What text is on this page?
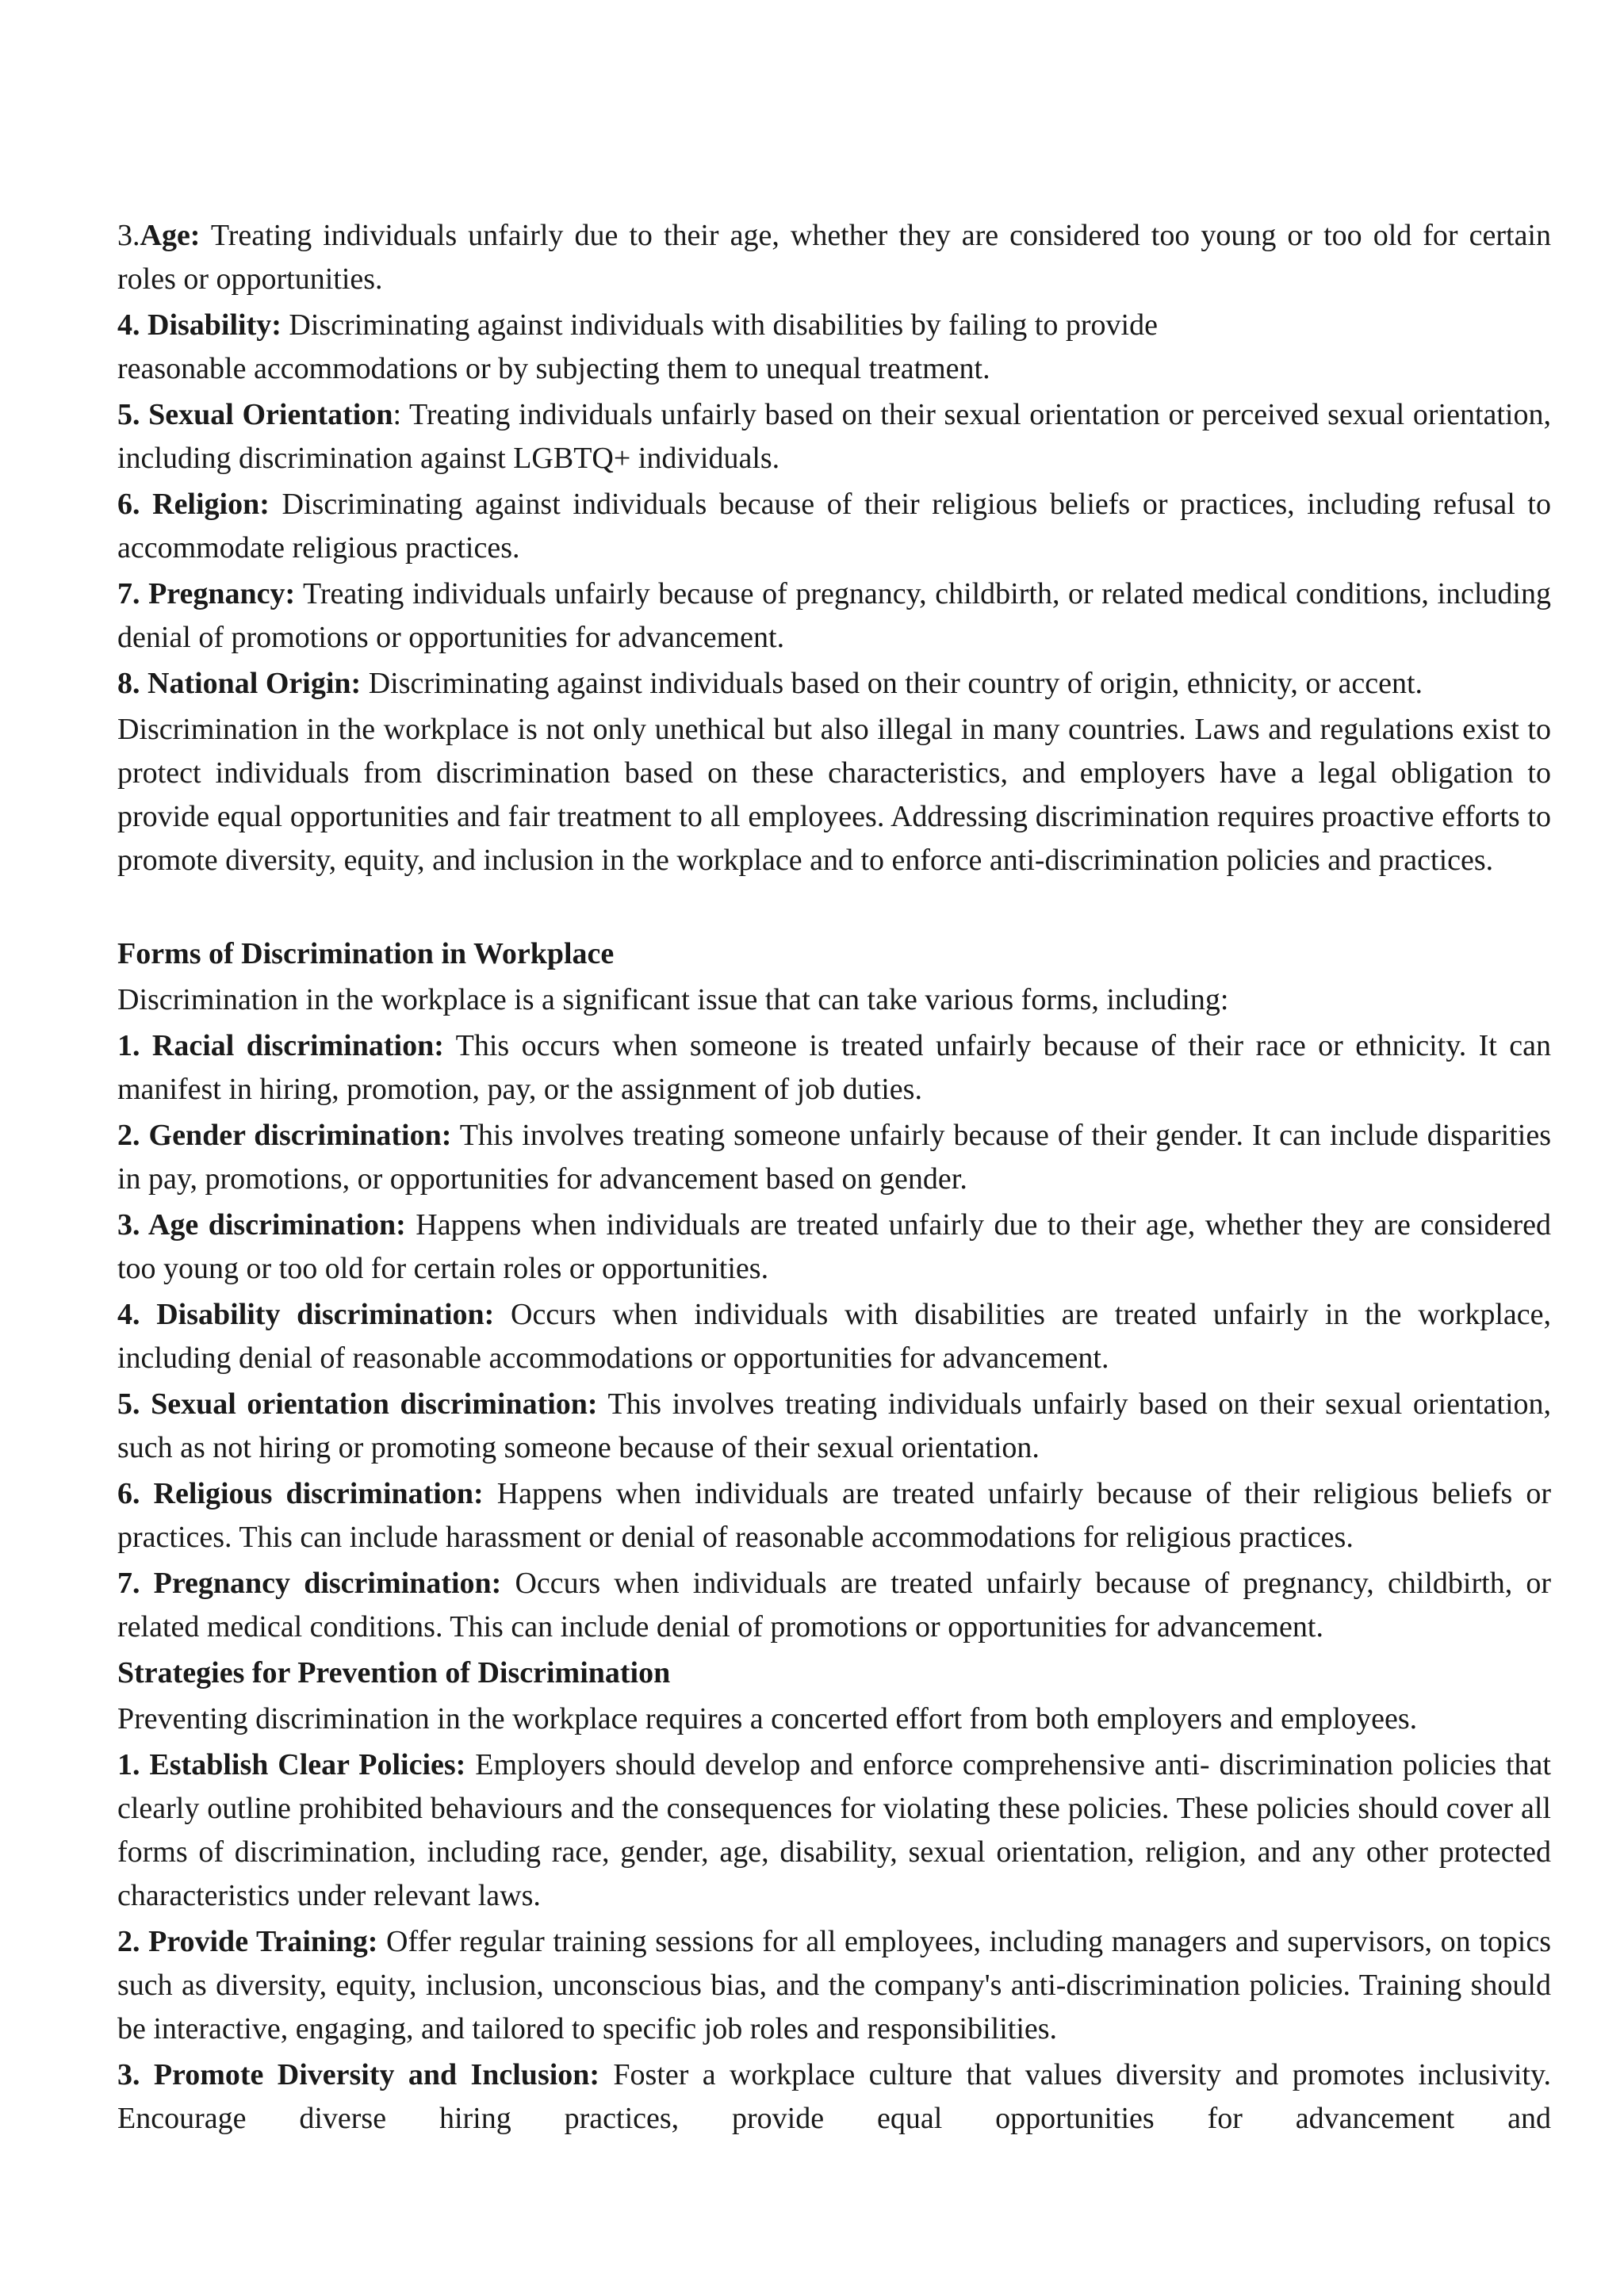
3.Age: Treating individuals unfairly due to their age, whether they are considered too young or too old for certain roles or opportunities.

4. Disability: Discriminating against individuals with disabilities by failing to provide
reasonable accommodations or by subjecting them to unequal treatment.

5. Sexual Orientation: Treating individuals unfairly based on their sexual orientation or perceived sexual orientation, including discrimination against LGBTQ+ individuals.

6. Religion: Discriminating against individuals because of their religious beliefs or practices, including refusal to accommodate religious practices.

7. Pregnancy: Treating individuals unfairly because of pregnancy, childbirth, or related medical conditions, including denial of promotions or opportunities for advancement.

8. National Origin: Discriminating against individuals based on their country of origin, ethnicity, or accent.

Discrimination in the workplace is not only unethical but also illegal in many countries. Laws and regulations exist to protect individuals from discrimination based on these characteristics, and employers have a legal obligation to provide equal opportunities and fair treatment to all employees. Addressing discrimination requires proactive efforts to promote diversity, equity, and inclusion in the workplace and to enforce anti-discrimination policies and practices.

Forms of Discrimination in Workplace

Discrimination in the workplace is a significant issue that can take various forms, including:

1. Racial discrimination: This occurs when someone is treated unfairly because of their race or ethnicity. It can manifest in hiring, promotion, pay, or the assignment of job duties.

2. Gender discrimination: This involves treating someone unfairly because of their gender. It can include disparities in pay, promotions, or opportunities for advancement based on gender.

3. Age discrimination: Happens when individuals are treated unfairly due to their age, whether they are considered too young or too old for certain roles or opportunities.

4. Disability discrimination: Occurs when individuals with disabilities are treated unfairly in the workplace, including denial of reasonable accommodations or opportunities for advancement.

5. Sexual orientation discrimination: This involves treating individuals unfairly based on their sexual orientation, such as not hiring or promoting someone because of their sexual orientation.

6. Religious discrimination: Happens when individuals are treated unfairly because of their religious beliefs or practices. This can include harassment or denial of reasonable accommodations for religious practices.

7. Pregnancy discrimination: Occurs when individuals are treated unfairly because of pregnancy, childbirth, or related medical conditions. This can include denial of promotions or opportunities for advancement.

Strategies for Prevention of Discrimination

Preventing discrimination in the workplace requires a concerted effort from both employers and employees.

1. Establish Clear Policies: Employers should develop and enforce comprehensive anti- discrimination policies that clearly outline prohibited behaviours and the consequences for violating these policies. These policies should cover all forms of discrimination, including race, gender, age, disability, sexual orientation, religion, and any other protected characteristics under relevant laws.

2. Provide Training: Offer regular training sessions for all employees, including managers and supervisors, on topics such as diversity, equity, inclusion, unconscious bias, and the company's anti-discrimination policies. Training should be interactive, engaging, and tailored to specific job roles and responsibilities.

3. Promote Diversity and Inclusion: Foster a workplace culture that values diversity and promotes inclusivity. Encourage diverse hiring practices, provide equal opportunities for advancement and
